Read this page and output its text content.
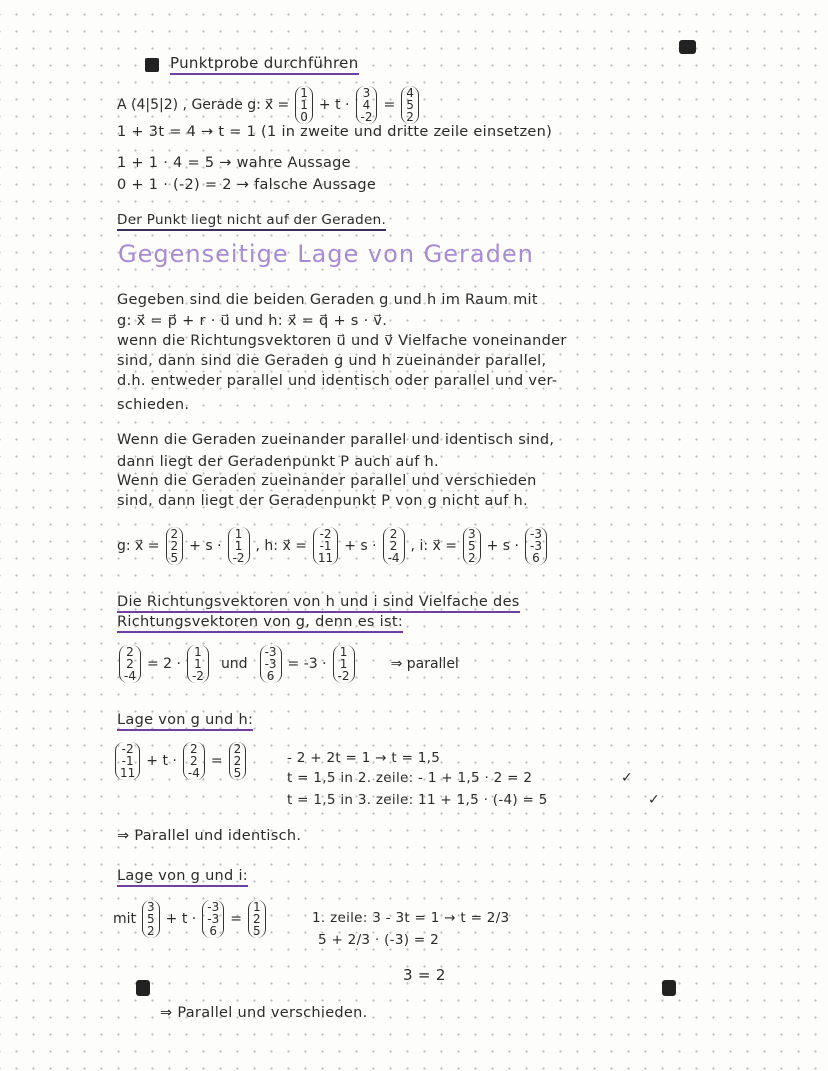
Punktprobe durchführen
A (4|5|2) , Gerade g: x⃗ =
1
1
0
+ t ·
3
4
-2
=
4
5
2
1 + 3t = 4 → t = 1 (1 in zweite und dritte zeile einsetzen)
1 + 1 · 4 = 5 → wahre Aussage
0 + 1 · (-2) = 2 → falsche Aussage
Der Punkt liegt nicht auf der Geraden.
Gegenseitige Lage von Geraden
Gegeben sind die beiden Geraden g und h im Raum mit
g: x⃗ = p⃗ + r · u⃗ und h: x⃗ = q⃗ + s · v⃗.
wenn die Richtungsvektoren u⃗ und v⃗ Vielfache voneinander
sind, dann sind die Geraden g und h zueinander parallel,
d.h. entweder parallel und identisch oder parallel und ver-
schieden.
Wenn die Geraden zueinander parallel und identisch sind,
dann liegt der Geradenpunkt P auch auf h.
Wenn die Geraden zueinander parallel und verschieden
sind, dann liegt der Geradenpunkt P von g nicht auf h.
g: x⃗ =
2
2
5
+ s ·
1
1
-2
, h: x⃗ =
-2
-1
11
+ s ·
2
2
-4
, i: x⃗ =
3
5
2
+ s ·
-3
-3
6
Die Richtungsvektoren von h und i sind Vielfache des
Richtungsvektoren von g, denn es ist:
2
2
-4
= 2 ·
1
1
-2
und
-3
-3
6
= -3 ·
1
1
-2
⇒ parallel
Lage von g und h:
-2
-1
11
+ t ·
2
2
-4
=
2
2
5
- 2 + 2t = 1 → t = 1,5
t = 1,5 in 2. zeile: - 1 + 1,5 · 2 = 2	✓
t = 1,5 in 3. zeile: 11 + 1,5 · (-4) = 5	✓
⇒ Parallel und identisch.
Lage von g und i:
mit
3
5
2
+ t ·
-3
-3
6
=
1
2
5
1. zeile: 3 - 3t = 1 → t = 2/3
5 + 2/3 · (-3) = 2
3 = 2
⇒ Parallel und verschieden.
